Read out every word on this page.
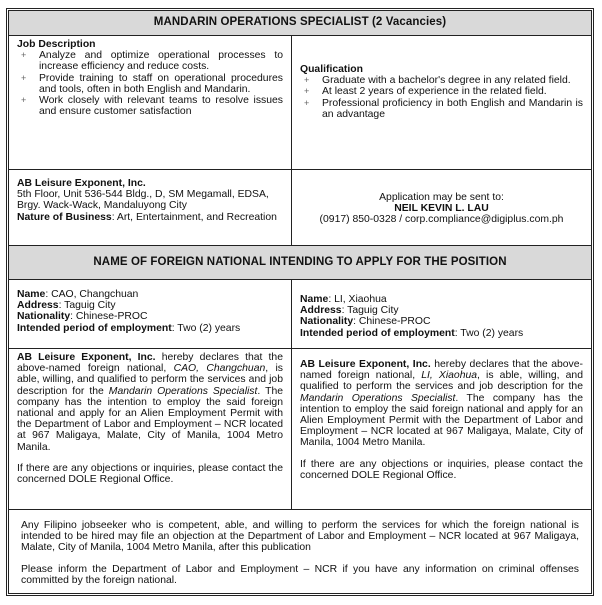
MANDARIN OPERATIONS SPECIALIST (2 Vacancies)
Job Description
+ Analyze and optimize operational processes to increase efficiency and reduce costs.
+ Provide training to staff on operational procedures and tools, often in both English and Mandarin.
+ Work closely with relevant teams to resolve issues and ensure customer satisfaction
Qualification
+ Graduate with a bachelor's degree in any related field.
+ At least 2 years of experience in the related field.
+ Professional proficiency in both English and Mandarin is an advantage
AB Leisure Exponent, Inc.

5th Floor, Unit 536-544 Bldg., D, SM Megamall, EDSA, Brgy. Wack-Wack, Mandaluyong City

Nature of Business: Art, Entertainment, and Recreation

Application may be sent to:

NEIL KEVIN L. LAU

(0917) 850-0328 / corp.compliance@digiplus.com.ph

NAME OF FOREIGN NATIONAL INTENDING TO APPLY FOR THE POSITION

Name: CAO, Changchuan

Address: Taguig City

Nationality: Chinese-PROC

Intended period of employment: Two (2) years

Name: LI, Xiaohua

Address: Taguig City

Nationality: Chinese-PROC

Intended period of employment: Two (2) years

AB Leisure Exponent, Inc. hereby declares that the above-named foreign national, CAO, Changchuan, is able, willing, and qualified to perform the services and job description for the Mandarin Operations Specialist. The company has the intention to employ the said foreign national and apply for an Alien Employment Permit with the Department of Labor and Employment – NCR located at 967 Maligaya, Malate, City of Manila, 1004 Metro Manila.

If there are any objections or inquiries, please contact the concerned DOLE Regional Office.

AB Leisure Exponent, Inc. hereby declares that the above-named foreign national, LI, Xiaohua, is able, willing, and qualified to perform the services and job description for the Mandarin Operations Specialist. The company has the intention to employ the said foreign national and apply for an Alien Employment Permit with the Department of Labor and Employment – NCR located at 967 Maligaya, Malate, City of Manila, 1004 Metro Manila.

If there are any objections or inquiries, please contact the concerned DOLE Regional Office.

Any Filipino jobseeker who is competent, able, and willing to perform the services for which the foreign national is intended to be hired may file an objection at the Department of Labor and Employment – NCR located at 967 Maligaya, Malate, City of Manila, 1004 Metro Manila, after this publication

Please inform the Department of Labor and Employment – NCR if you have any information on criminal offenses committed by the foreign national.
